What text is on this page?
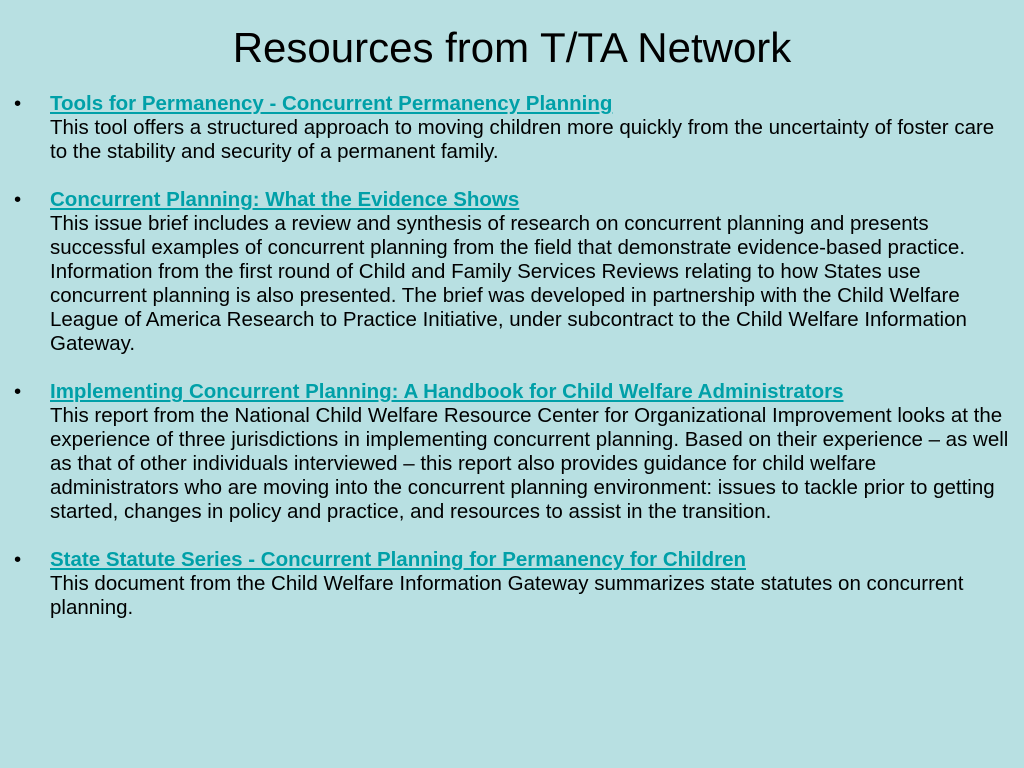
Resources from T/TA Network
•	Tools for Permanency - Concurrent Permanency Planning
This tool offers a structured approach to moving children more quickly from the uncertainty of foster care to the stability and security of a permanent family.
•	Concurrent Planning: What the Evidence Shows
This issue brief includes a review and synthesis of research on concurrent planning and presents successful examples of concurrent planning from the field that demonstrate evidence-based practice. Information from the first round of Child and Family Services Reviews relating to how States use concurrent planning is also presented. The brief was developed in partnership with the Child Welfare League of America Research to Practice Initiative, under subcontract to the Child Welfare Information Gateway.
•	Implementing Concurrent Planning: A Handbook for Child Welfare Administrators
This report from the National Child Welfare Resource Center for Organizational Improvement looks at the experience of three jurisdictions in implementing concurrent planning. Based on their experience – as well as that of other individuals interviewed – this report also provides guidance for child welfare administrators who are moving into the concurrent planning environment: issues to tackle prior to getting started, changes in policy and practice, and resources to assist in the transition.
•	State Statute Series - Concurrent Planning for Permanency for Children
This document from the Child Welfare Information Gateway summarizes state statutes on concurrent planning.
